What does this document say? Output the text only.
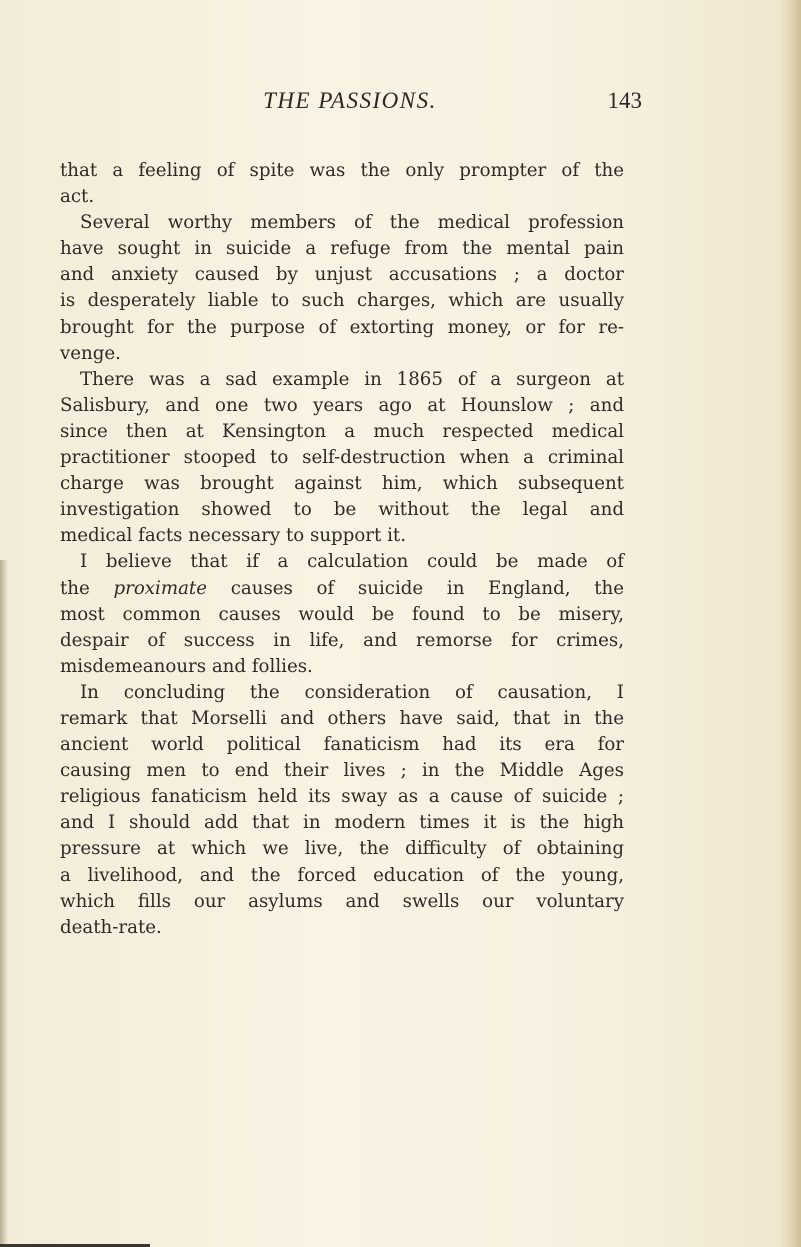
THE PASSIONS.	143
that a feeling of spite was the only prompter of the
act.
Several worthy members of the medical profession
have sought in suicide a refuge from the mental pain
and anxiety caused by unjust accusations ; a doctor
is desperately liable to such charges, which are usually
brought for the purpose of extorting money, or for re-
venge.
There was a sad example in 1865 of a surgeon at
Salisbury, and one two years ago at Hounslow ; and
since then at Kensington a much respected medical
practitioner stooped to self-destruction when a criminal
charge was brought against him, which subsequent
investigation showed to be without the legal and
medical facts necessary to support it.
I believe that if a calculation could be made of
the proximate causes of suicide in England, the
most common causes would be found to be misery,
despair of success in life, and remorse for crimes,
misdemeanours and follies.
In concluding the consideration of causation, I
remark that Morselli and others have said, that in the
ancient world political fanaticism had its era for
causing men to end their lives ; in the Middle Ages
religious fanaticism held its sway as a cause of suicide ;
and I should add that in modern times it is the high
pressure at which we live, the difficulty of obtaining
a livelihood, and the forced education of the young,
which fills our asylums and swells our voluntary
death-rate.
